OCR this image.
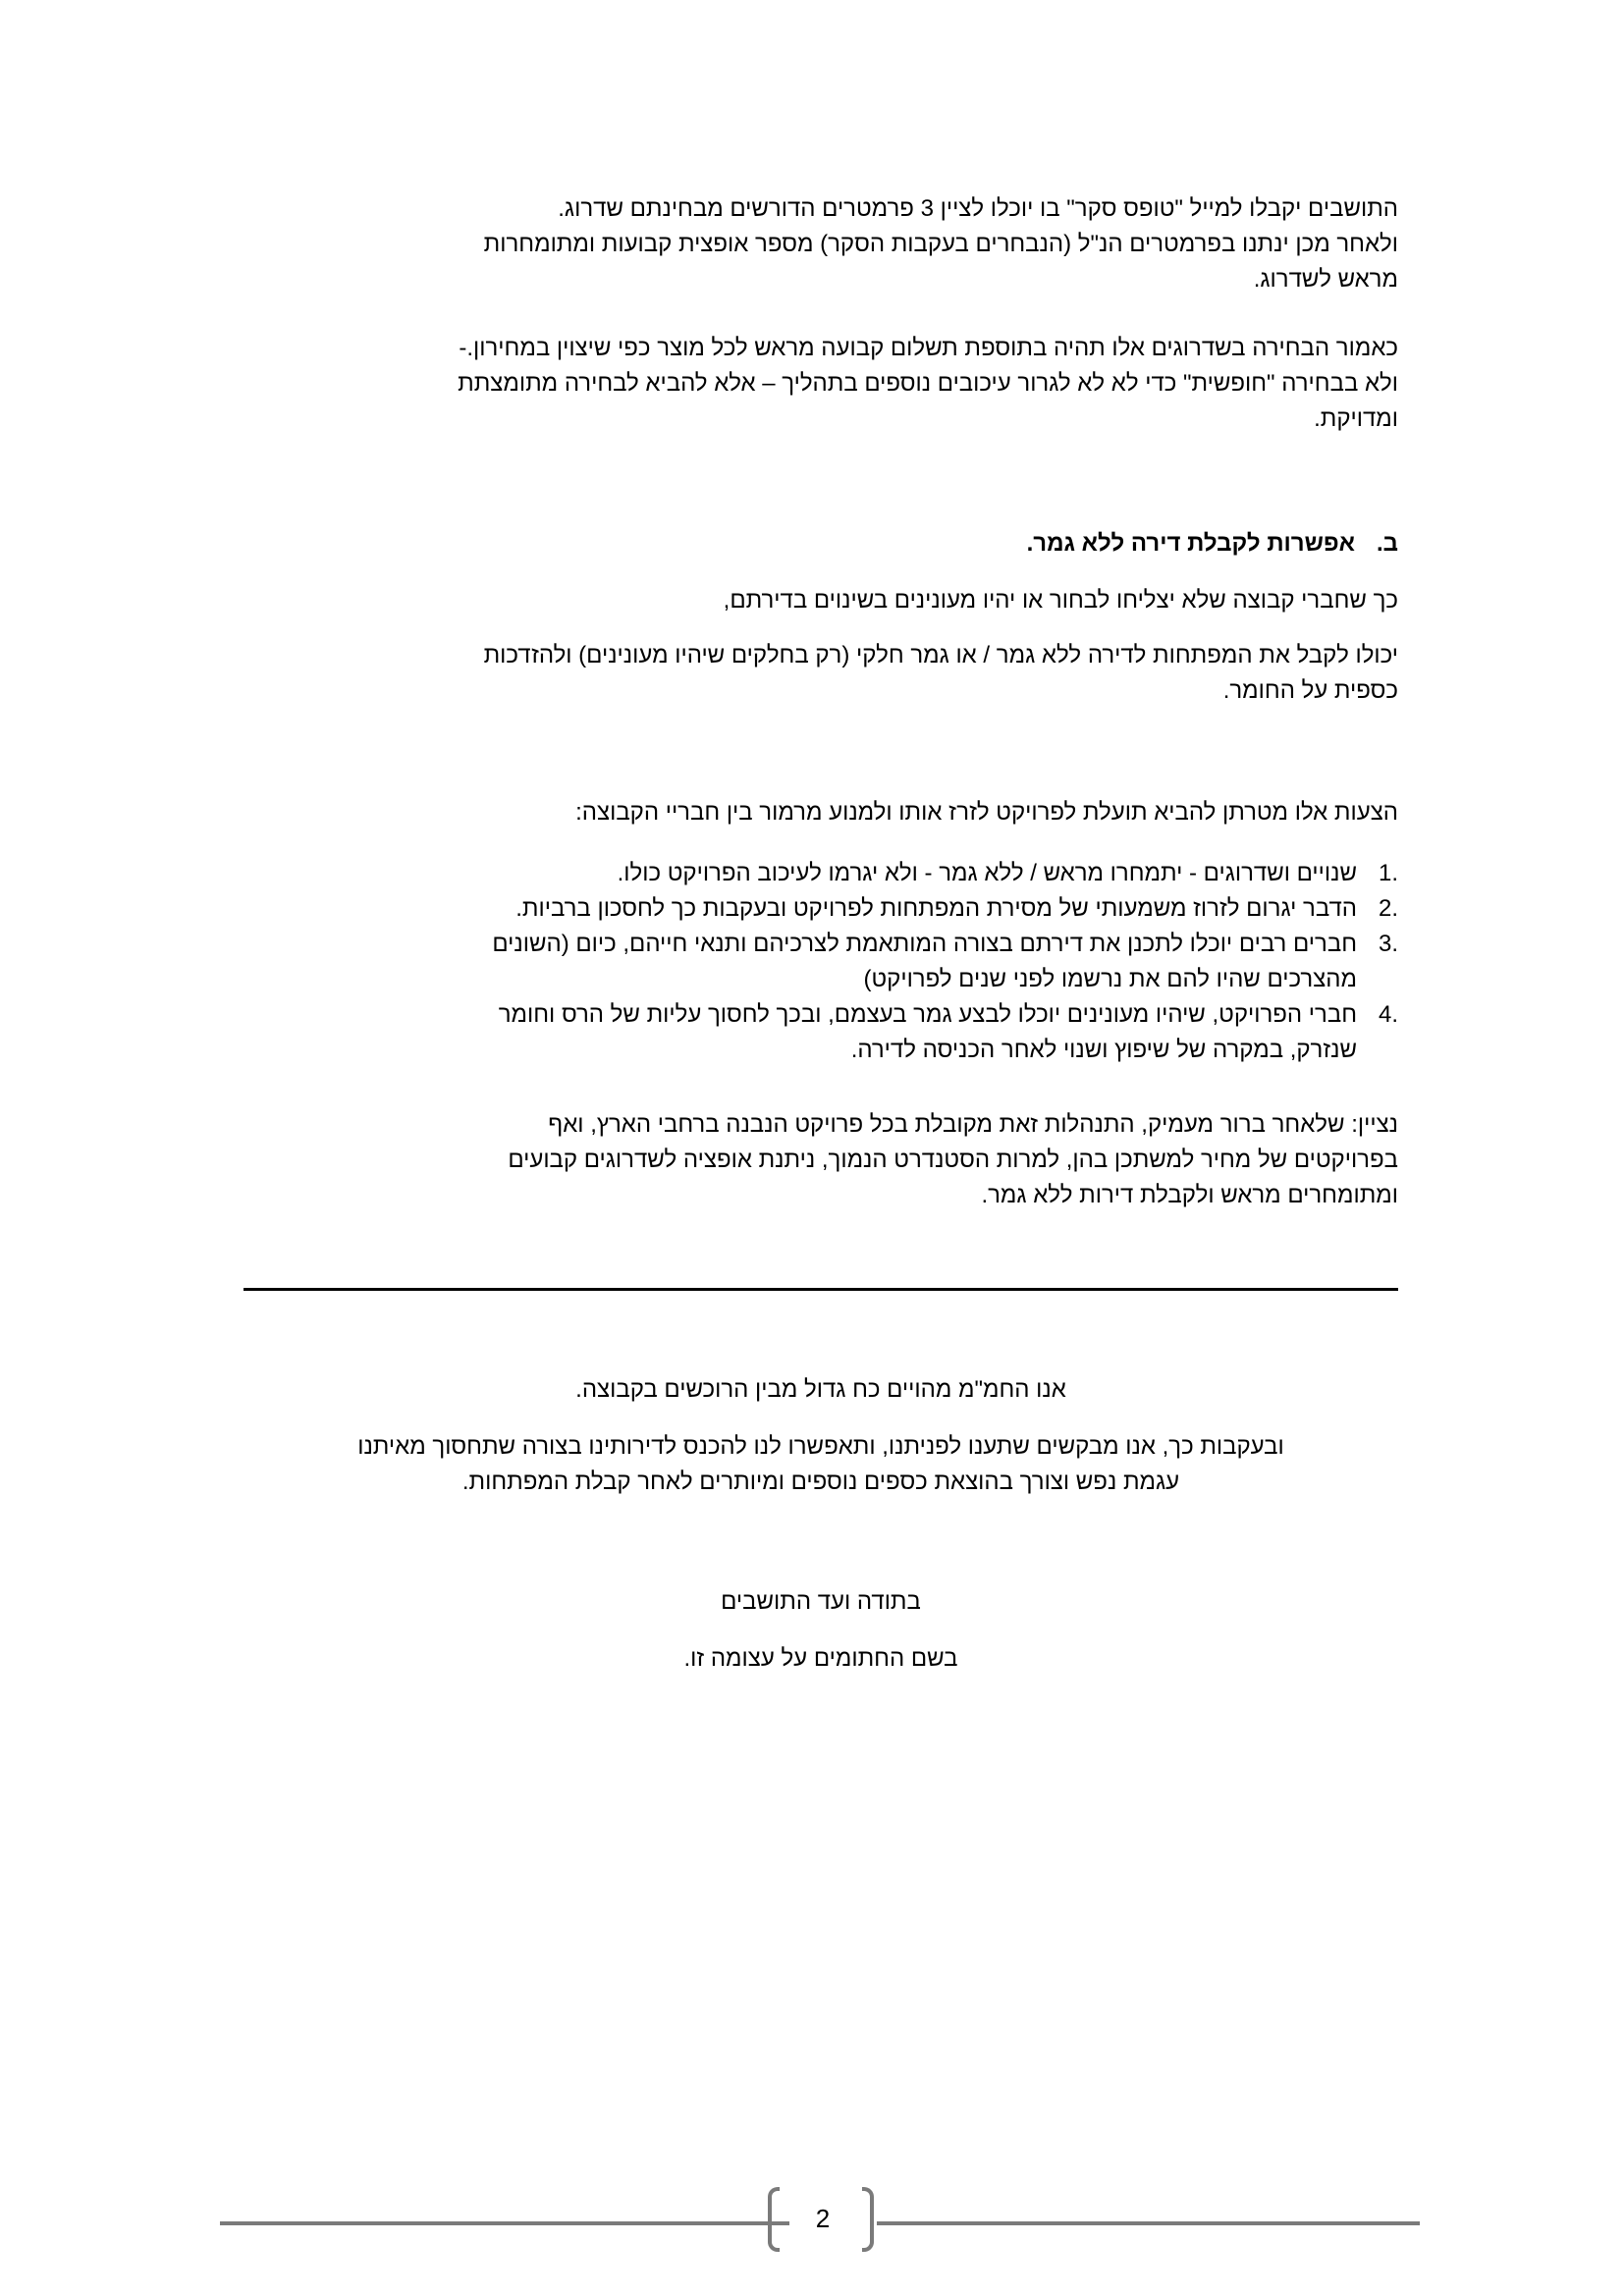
התושבים יקבלו למייל "טופס סקר" בו יוכלו לציין 3 פרמטרים הדורשים מבחינתם שדרוג.
ולאחר מכן ינתנו בפרמטרים הנ"ל (הנבחרים בעקבות הסקר) מספר אופצית קבועות ומתומחרות
מראש לשדרוג.
כאמור הבחירה בשדרוגים אלו תהיה בתוספת תשלום קבועה מראש לכל מוצר כפי שיצוין במחירון.-
ולא בבחירה "חופשית" כדי לא לא לגרור עיכובים נוספים בתהליך – אלא להביא לבחירה מתומצתת
ומדויקת.
ב.אפשרות לקבלת דירה ללא גמר.
כך שחברי קבוצה שלא יצליחו לבחור או יהיו מעונינים בשינוים בדירתם,
יכולו לקבל את המפתחות לדירה ללא גמר / או גמר חלקי (רק בחלקים שיהיו מעונינים) ולהזדכות
כספית על החומר.
הצעות אלו מטרתן להביא תועלת לפרויקט לזרז אותו ולמנוע מרמור בין חבריי הקבוצה:
1.
שנויים ושדרוגים - יתמחרו מראש / ללא גמר - ולא יגרמו לעיכוב הפרויקט כולו.
2.
הדבר יגרום לזרוז משמעותי של מסירת המפתחות לפרויקט ובעקבות כך לחסכון ברביות.
3.
חברים רבים יוכלו לתכנן את דירתם בצורה המותאמת לצרכיהם ותנאי חייהם, כיום (השונים
מהצרכים שהיו להם את נרשמו לפני שנים לפרויקט)
4.
חברי הפרויקט, שיהיו מעונינים יוכלו לבצע גמר בעצמם, ובכך לחסוך עליות של הרס וחומר
שנזרק, במקרה של שיפוץ ושנוי לאחר הכניסה לדירה.
נציין: שלאחר ברור מעמיק, התנהלות זאת מקובלת בכל פרויקט הנבנה ברחבי הארץ, ואף
בפרויקטים של מחיר למשתכן בהן, למרות הסטנדרט הנמוך, ניתנת אופציה לשדרוגים קבועים
ומתומחרים מראש ולקבלת דירות ללא גמר.
אנו החמ"מ מהויים כח גדול מבין הרוכשים בקבוצה.
ובעקבות כך, אנו מבקשים שתענו לפניתנו, ותאפשרו לנו להכנס לדירותינו בצורה שתחסוך מאיתנו
עגמת נפש וצורך בהוצאת כספים נוספים ומיותרים לאחר קבלת המפתחות.
בתודה ועד התושבים
בשם החתומים על עצומה זו.
2
